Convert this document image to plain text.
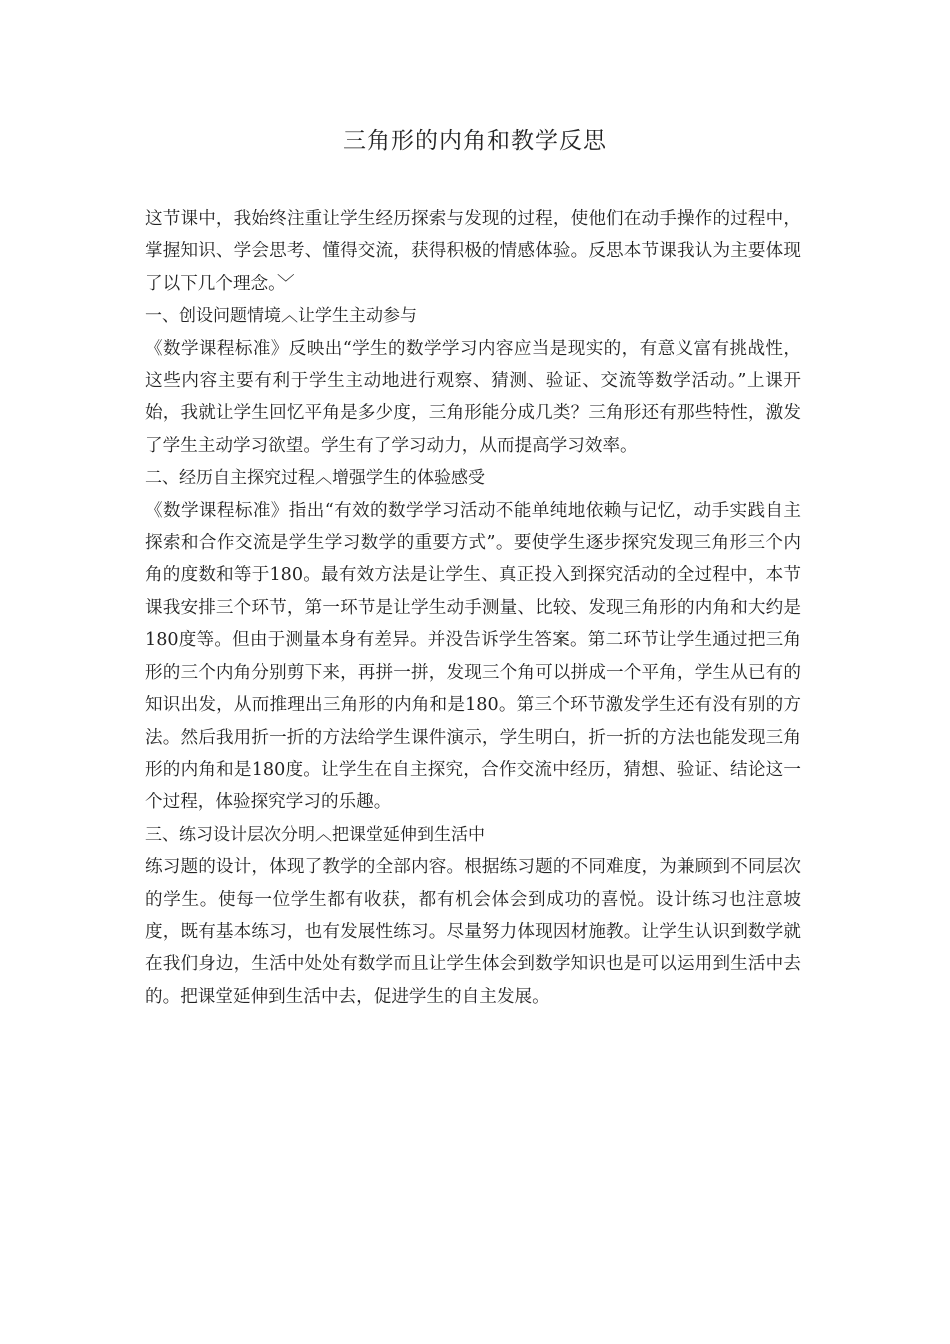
三角形的内角和教学反思

这节课中，我始终注重让学生经历探索与发现的过程，使他们在动手操作的过程中，掌握知识、学会思考、懂得交流，获得积极的情感体验。反思本节课我认为主要体现了以下几个理念。﹀

一、创设问题情境︿让学生主动参与

《数学课程标准》反映出“学生的数学学习内容应当是现实的，有意义富有挑战性，这些内容主要有利于学生主动地进行观察、猜测、验证、交流等数学活动。”上课开始，我就让学生回忆平角是多少度，三角形能分成几类？三角形还有那些特性，激发了学生主动学习欲望。学生有了学习动力，从而提高学习效率。

二、经历自主探究过程︿增强学生的体验感受

《数学课程标准》指出“有效的数学学习活动不能单纯地依赖与记忆，动手实践自主探索和合作交流是学生学习数学的重要方式”。要使学生逐步探究发现三角形三个内角的度数和等于180。最有效方法是让学生、真正投入到探究活动的全过程中，本节课我安排三个环节，第一环节是让学生动手测量、比较、发现三角形的内角和大约是180度等。但由于测量本身有差异。并没告诉学生答案。第二环节让学生通过把三角形的三个内角分别剪下来，再拼一拼，发现三个角可以拼成一个平角，学生从已有的知识出发，从而推理出三角形的内角和是180。第三个环节激发学生还有没有别的方法。然后我用折一折的方法给学生课件演示，学生明白，折一折的方法也能发现三角形的内角和是180度。让学生在自主探究，合作交流中经历，猜想、验证、结论这一个过程，体验探究学习的乐趣。

三、练习设计层次分明︿把课堂延伸到生活中

练习题的设计，体现了教学的全部内容。根据练习题的不同难度，为兼顾到不同层次的学生。使每一位学生都有收获，都有机会体会到成功的喜悦。设计练习也注意坡度，既有基本练习，也有发展性练习。尽量努力体现因材施教。让学生认识到数学就在我们身边，生活中处处有数学而且让学生体会到数学知识也是可以运用到生活中去的。把课堂延伸到生活中去，促进学生的自主发展。
